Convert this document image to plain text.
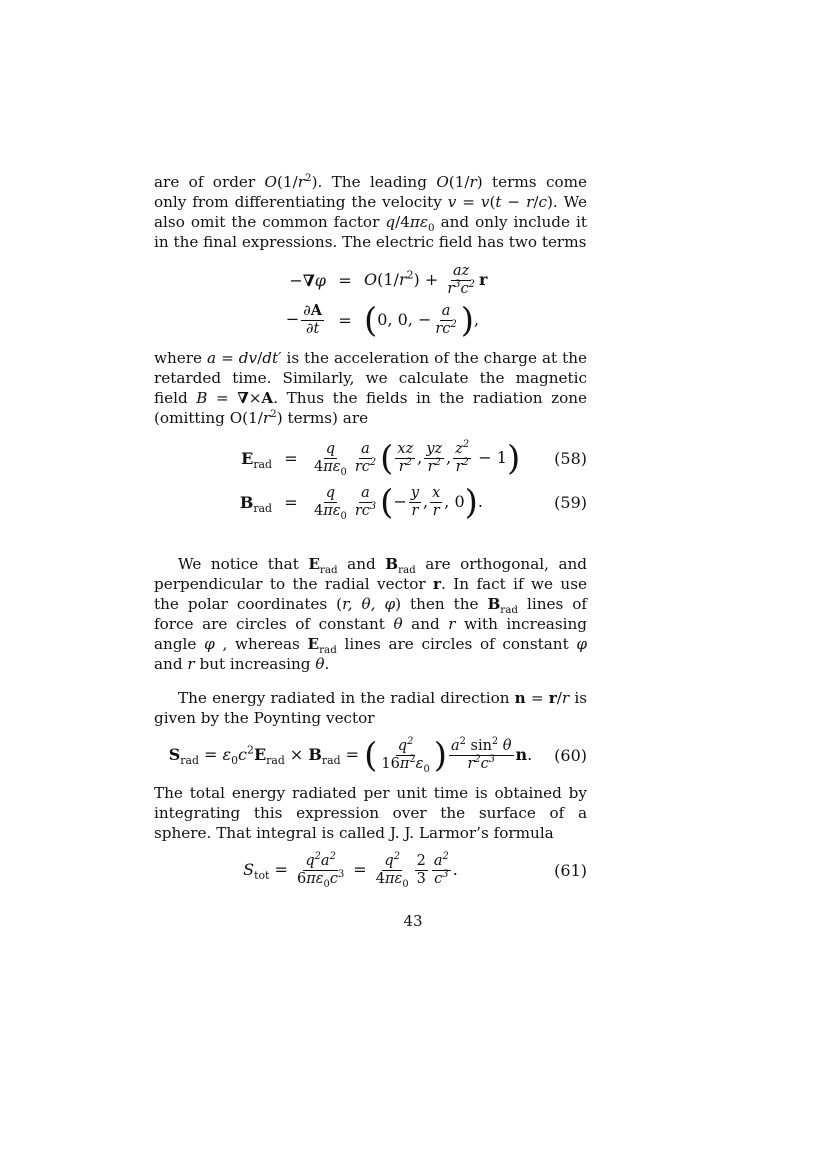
are of order $O(1/r^2)$. The leading O(1/r) terms come only from differentiating the velocity v = v(t − r/c). We also omit the common factor $q/4\pi\varepsilon_0$ and only include it in the final expressions. The electric field has two terms

$-\nabla\varphi = O(1/r^2) + \frac{az}{r^3c^2}$ r
− $\frac{\partial A}{\partial t} = (0$, 0, − $\frac{a}{rc^2}$ ),

where a = dv/dt′ is the acceleration of the charge at the retarded time. Similarly, we calculate the magnetic field B = ∇×A. Thus the fields in the radiation zone (omitting $O(1/r^2)$ terms) are

$E_{rad} = \frac{q}{4\pi\varepsilon_0} \frac{a}{rc^2}$ ( $\frac{xz}{r^2}$ , $\frac{yz}{r^2}$ , $\frac{z^2}{r^2} - 1$)	(58)
$B_{rad} = \frac{q}{4\pi\varepsilon_0} \frac{a}{rc^3}$ (− $\frac{y}{r}$ , $\frac{x}{r}$ , 0).	(59)

We notice that $E_{rad}$ and $B_{rad}$ are orthogonal, and perpendicular to the radial vector r. In fact if we use the polar coordinates (r, θ, φ) then the $B_{rad}$ lines of force are circles of constant θ and r with increasing angle φ , whereas $E_{rad}$ lines are circles of constant φ and r but increasing θ.

The energy radiated in the radial direction n = r/r is given by the Poynting vector

$S_{rad} = \varepsilon_0c^2E_{rad} \times B_{rad}$ = ( $\frac{q^2}{16\pi^2\varepsilon_0}$ ) $\frac{a^2 \sin^2 \theta}{r^2c^3} n$.	(60)

The total energy radiated per unit time is obtained by integrating this expression over the surface of a sphere. That integral is called J. J. Larmor’s formula

$S_{tot} = \frac{q^2a^2}{6\pi\varepsilon_0c^3} = \frac{q^2}{4\pi\varepsilon_0} \frac{2}{3} \frac{a^2}{c^3}$ .	(61)
43
